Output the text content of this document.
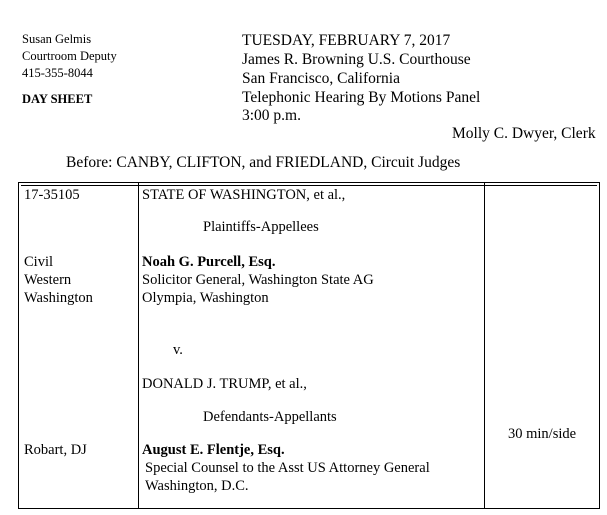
Susan Gelmis
Courtroom Deputy
415-355-8044
DAY SHEET
TUESDAY, FEBRUARY 7, 2017
James R. Browning U.S. Courthouse
San Francisco, California
Telephonic Hearing By Motions Panel
3:00 p.m.
Molly C. Dwyer, Clerk
Before: CANBY, CLIFTON, and FRIEDLAND, Circuit Judges
17-35105
Civil
Western
Washington
Robart, DJ
STATE OF WASHINGTON, et al.,
Plaintiffs-Appellees
Noah G. Purcell, Esq.
Solicitor General, Washington State AG
Olympia, Washington
v.
DONALD J. TRUMP, et al.,
Defendants-Appellants
August E. Flentje, Esq.
Special Counsel to the Asst US Attorney General
Washington, D.C.
30 min/side
